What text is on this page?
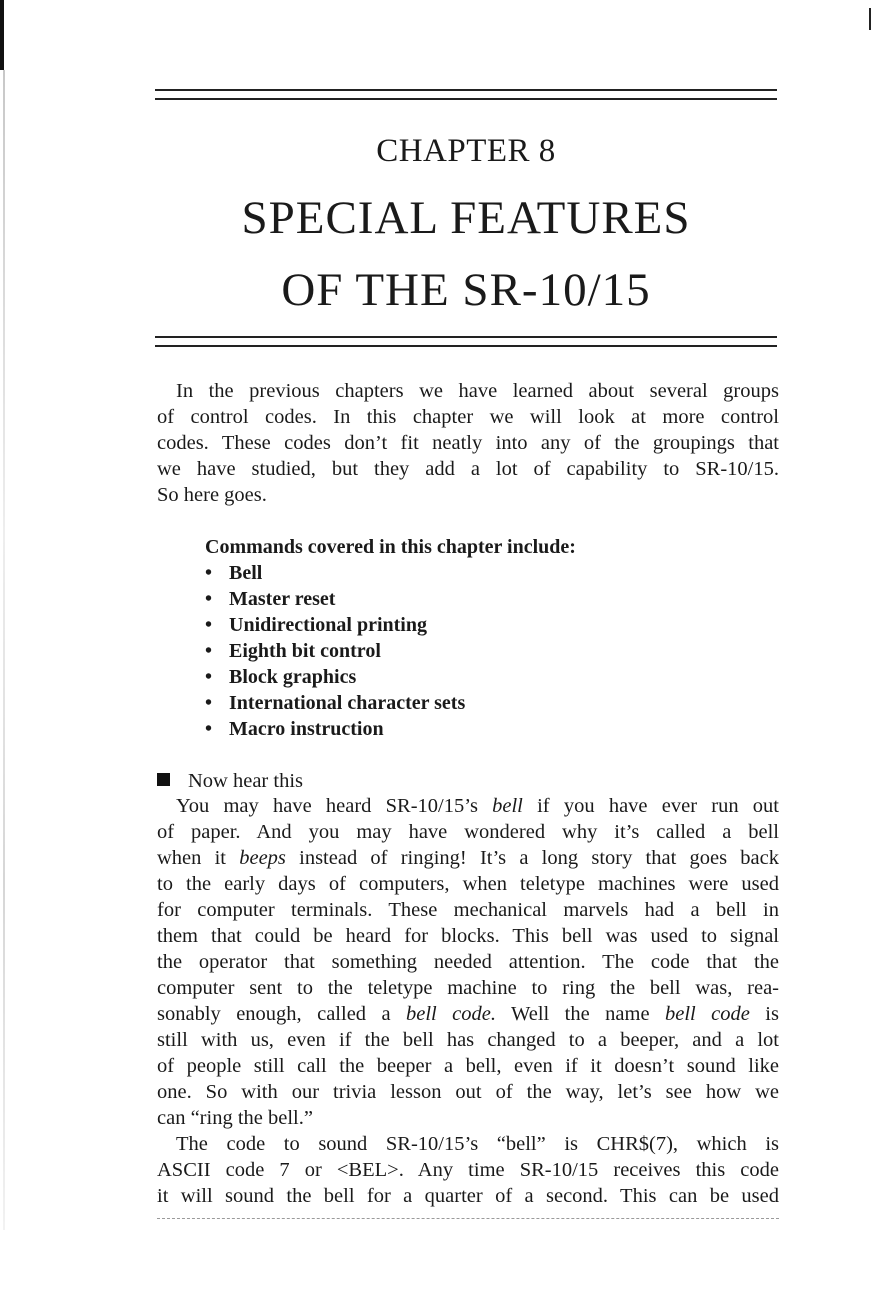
CHAPTER 8
SPECIAL FEATURES
OF THE SR-10/15
In the previous chapters we have learned about several groups
of control codes. In this chapter we will look at more control
codes. These codes don’t fit neatly into any of the groupings that
we have studied, but they add a lot of capability to SR-10/15.
So here goes.
Commands covered in this chapter include:
• Bell
• Master reset
• Unidirectional printing
• Eighth bit control
• Block graphics
• International character sets
• Macro instruction
Now hear this
You may have heard SR-10/15’s bell if you have ever run out
of paper. And you may have wondered why it’s called a bell
when it beeps instead of ringing! It’s a long story that goes back
to the early days of computers, when teletype machines were used
for computer terminals. These mechanical marvels had a bell in
them that could be heard for blocks. This bell was used to signal
the operator that something needed attention. The code that the
computer sent to the teletype machine to ring the bell was, rea-
sonably enough, called a bell code. Well the name bell code is
still with us, even if the bell has changed to a beeper, and a lot
of people still call the beeper a bell, even if it doesn’t sound like
one. So with our trivia lesson out of the way, let’s see how we
can “ring the bell.”
The code to sound SR-10/15’s “bell” is CHR$(7), which is
ASCII code 7 or <BEL>. Any time SR-10/15 receives this code
it will sound the bell for a quarter of a second. This can be used
